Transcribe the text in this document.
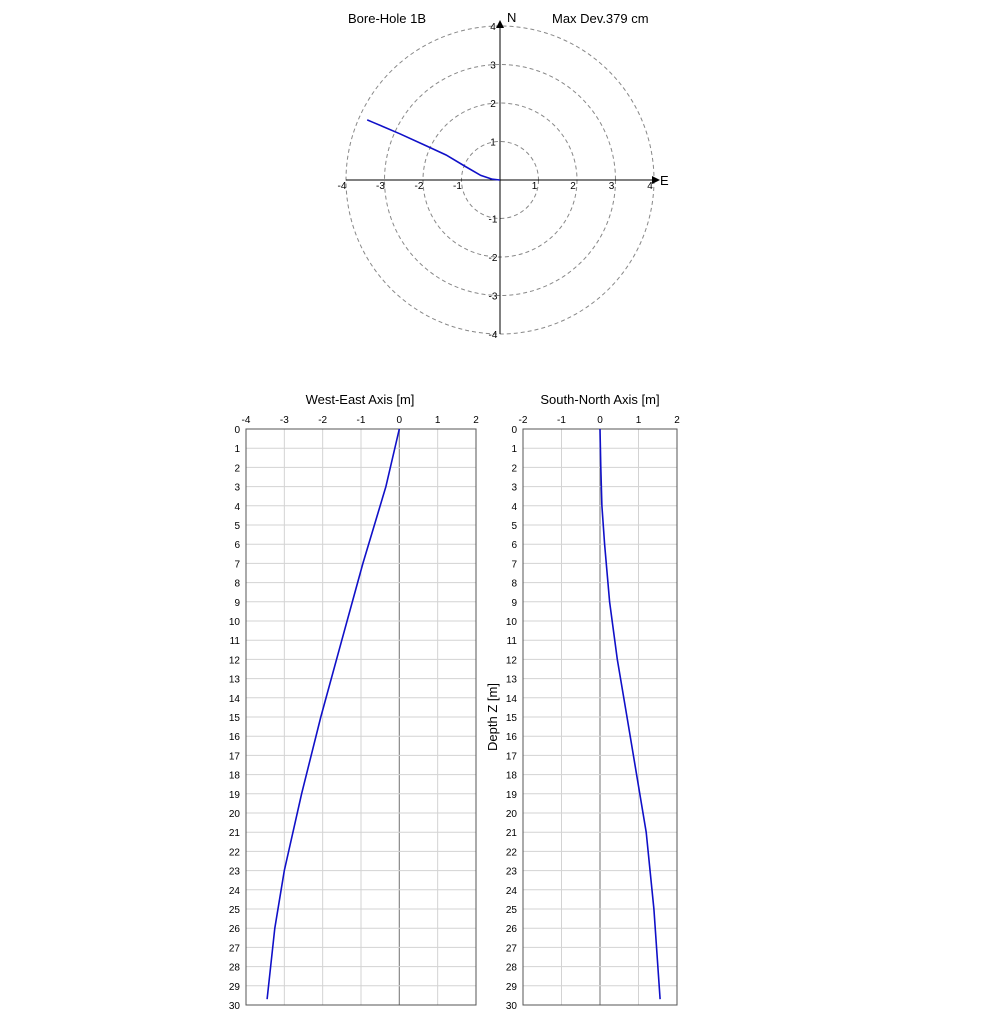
Bore-Hole 1B	Max Dev.379 cm
N
E
-4	-3	-2	-1	1	2	3	4
4
3
2
1
-1
-2
-3
-4
West-East Axis [m]
-4	-3	-2	-1	0	1	2
0
1
2
3
4
5
6
7
8
9
10
11
12
13
14
15
16
17
18
19
20
21
22
23
24
25
26
27
28
29
30
South-North Axis [m]
-2	-1	0	1	2
0
1
2
3
4
5
6
7
8
9
10
11
12
13
14
15
16
17
18
19
20
21
22
23
24
25
26
27
28
29
30
Depth Z [m]
